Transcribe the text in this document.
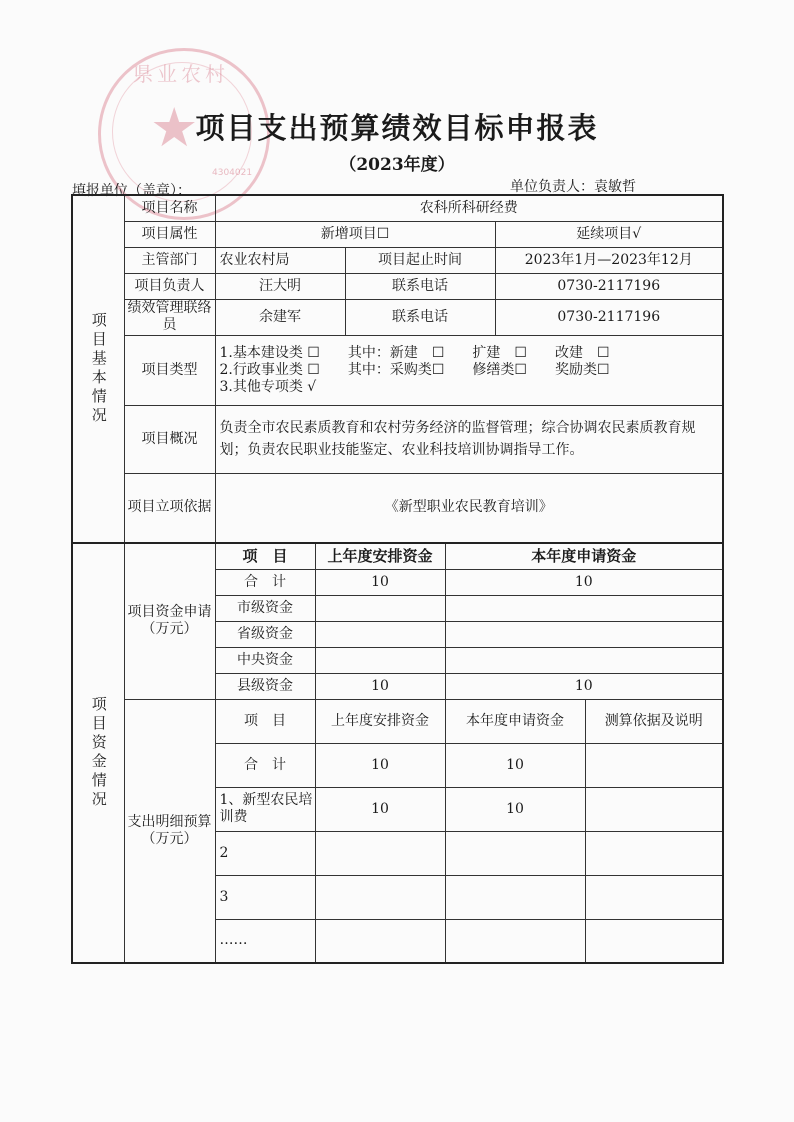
県业农村
★
4304021
项目支出预算绩效目标申报表
（2023年度）
填报单位（盖章）：	单位负责人：袁敏哲
项目基本情况	项目名称	农科所科研经费		
	项目属性	新增项目☐		延续项目√
	主管部门	农业农村局	项目起止时间	2023年1月—2023年12月
	项目负责人	汪大明	联系电话	0730-2117196
	绩效管理联络员	余建军	联系电话	0730-2117196
	项目类型	1.基本建设类 ☐　　其中：新建　☐　　扩建　☐　　改建　☐
2.行政事业类 ☐　　其中：采购类☐　　修缮类☐　　奖励类☐
3.其他专项类 √		

	项目概况	负责全市农民素质教育和农村劳务经济的监督管理；综合协调农民素质教育规划；负责农民职业技能鉴定、农业科技培训协调指导工作。		
	项目立项依据	《新型职业农民教育培训》		
项目资金情况	项目资金申请（万元）	项　目	上年度安排资金	本年度申请资金	
		合　计	10	10	
		市级资金			
		省级资金			
		中央资金			
		县级资金	10	10	
	支出明细预算（万元）	项　目	上年度安排资金	本年度申请资金	测算依据及说明
		合　计	10	10	
		1、新型农民培训费	10	10	
		2			
		3			
		……			
